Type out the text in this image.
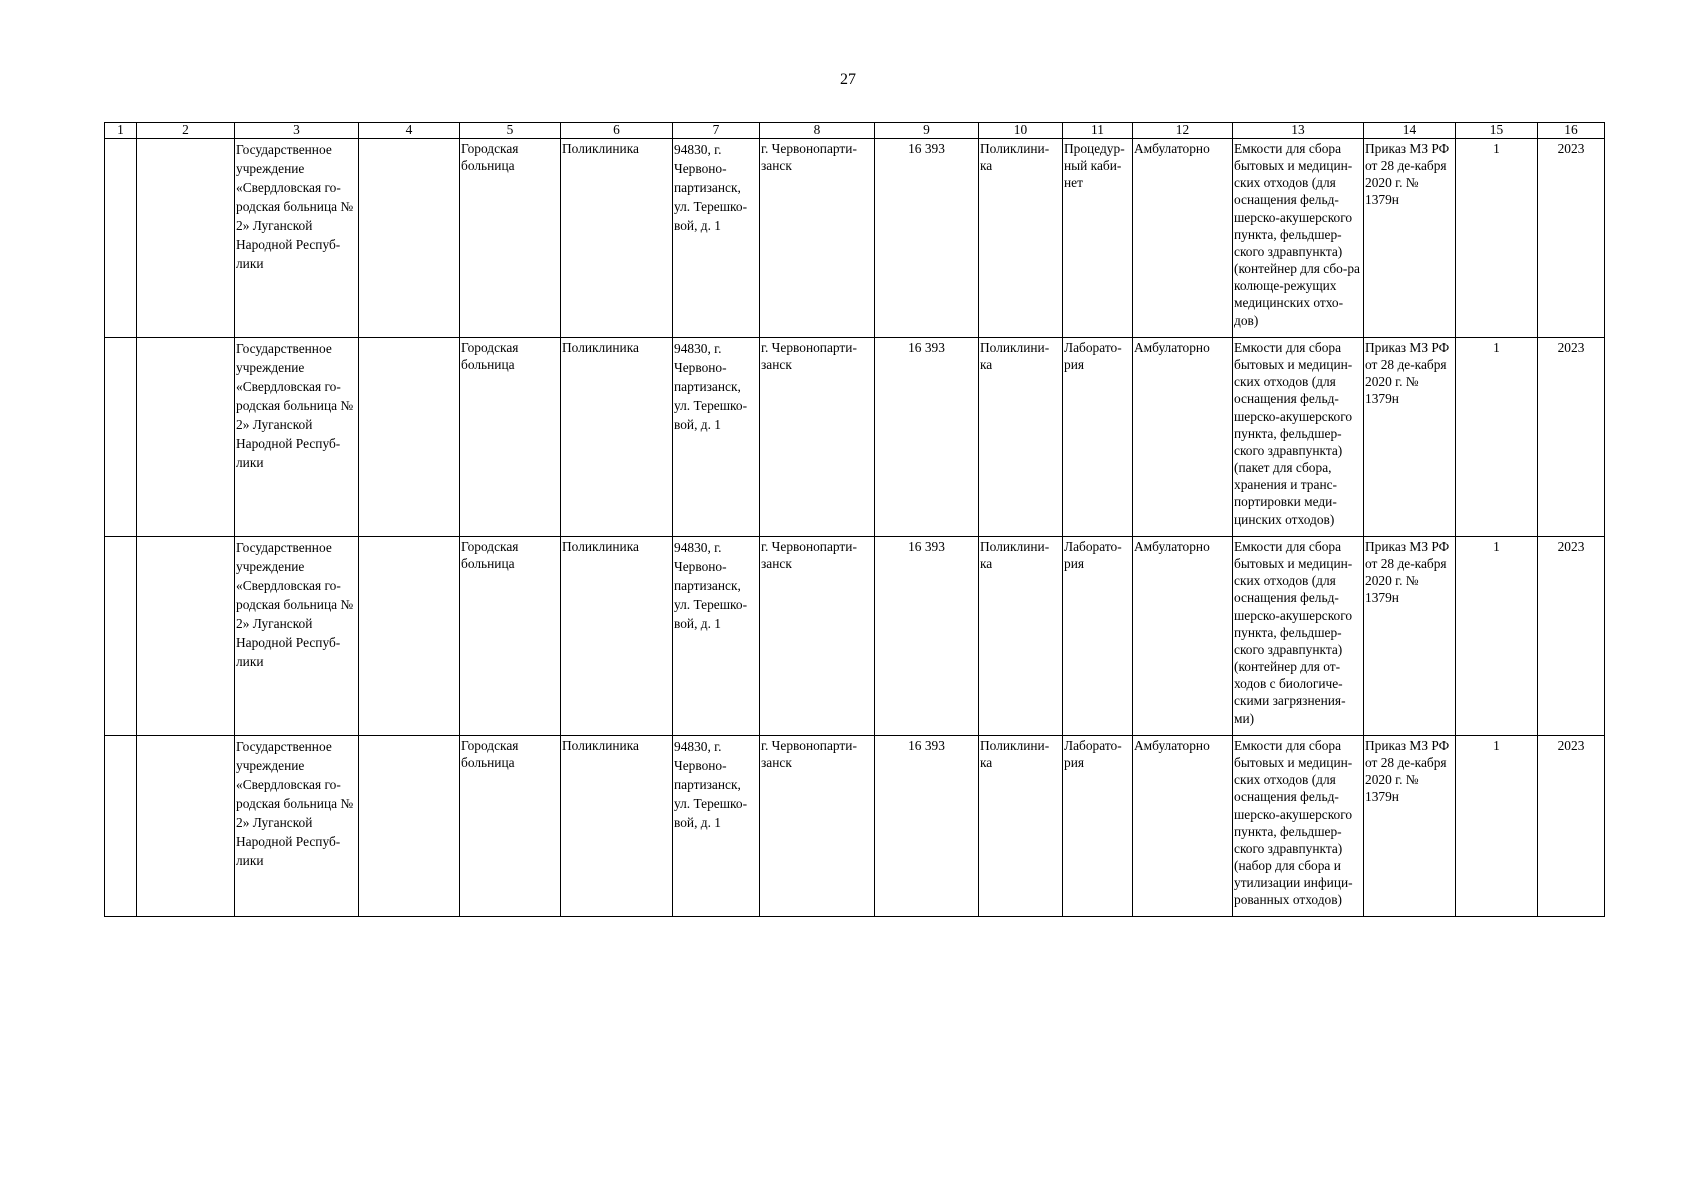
27
1	2	3	4	5	6	7	8	9	10	11	12	13	14	15	16
		Государственное учреждение «Свердловская го-родская больница № 2» Луганской Народной Респуб-лики		Городская больница	Поликлиника	94830, г. Червоно-партизанск, ул. Терешко-вой, д. 1	г. Червонопарти-занск	16 393	Поликлини-ка	Процедур-ный каби-нет	Амбулаторно	Емкости для сбора бытовых и медицин-ских отходов (для оснащения фельд-шерско-акушерского пункта, фельдшер-ского здравпункта) (контейнер для сбо-ра колюще-режущих медицинских отхо-дов)	Приказ МЗ РФ от 28 де-кабря 2020 г. № 1379н	1	2023
		Государственное учреждение «Свердловская го-родская больница № 2» Луганской Народной Респуб-лики		Городская больница	Поликлиника	94830, г. Червоно-партизанск, ул. Терешко-вой, д. 1	г. Червонопарти-занск	16 393	Поликлини-ка	Лаборато-рия	Амбулаторно	Емкости для сбора бытовых и медицин-ских отходов (для оснащения фельд-шерско-акушерского пункта, фельдшер-ского здравпункта) (пакет для сбора, хранения и транс-портировки меди-цинских отходов)	Приказ МЗ РФ от 28 де-кабря 2020 г. № 1379н	1	2023
		Государственное учреждение «Свердловская го-родская больница № 2» Луганской Народной Респуб-лики		Городская больница	Поликлиника	94830, г. Червоно-партизанск, ул. Терешко-вой, д. 1	г. Червонопарти-занск	16 393	Поликлини-ка	Лаборато-рия	Амбулаторно	Емкости для сбора бытовых и медицин-ских отходов (для оснащения фельд-шерско-акушерского пункта, фельдшер-ского здравпункта) (контейнер для от-ходов с биологиче-скими загрязнения-ми)	Приказ МЗ РФ от 28 де-кабря 2020 г. № 1379н	1	2023
		Государственное учреждение «Свердловская го-родская больница № 2» Луганской Народной Респуб-лики		Городская больница	Поликлиника	94830, г. Червоно-партизанск, ул. Терешко-вой, д. 1	г. Червонопарти-занск	16 393	Поликлини-ка	Лаборато-рия	Амбулаторно	Емкости для сбора бытовых и медицин-ских отходов (для оснащения фельд-шерско-акушерского пункта, фельдшер-ского здравпункта) (набор для сбора и утилизации инфици-рованных отходов)	Приказ МЗ РФ от 28 де-кабря 2020 г. № 1379н	1	2023
